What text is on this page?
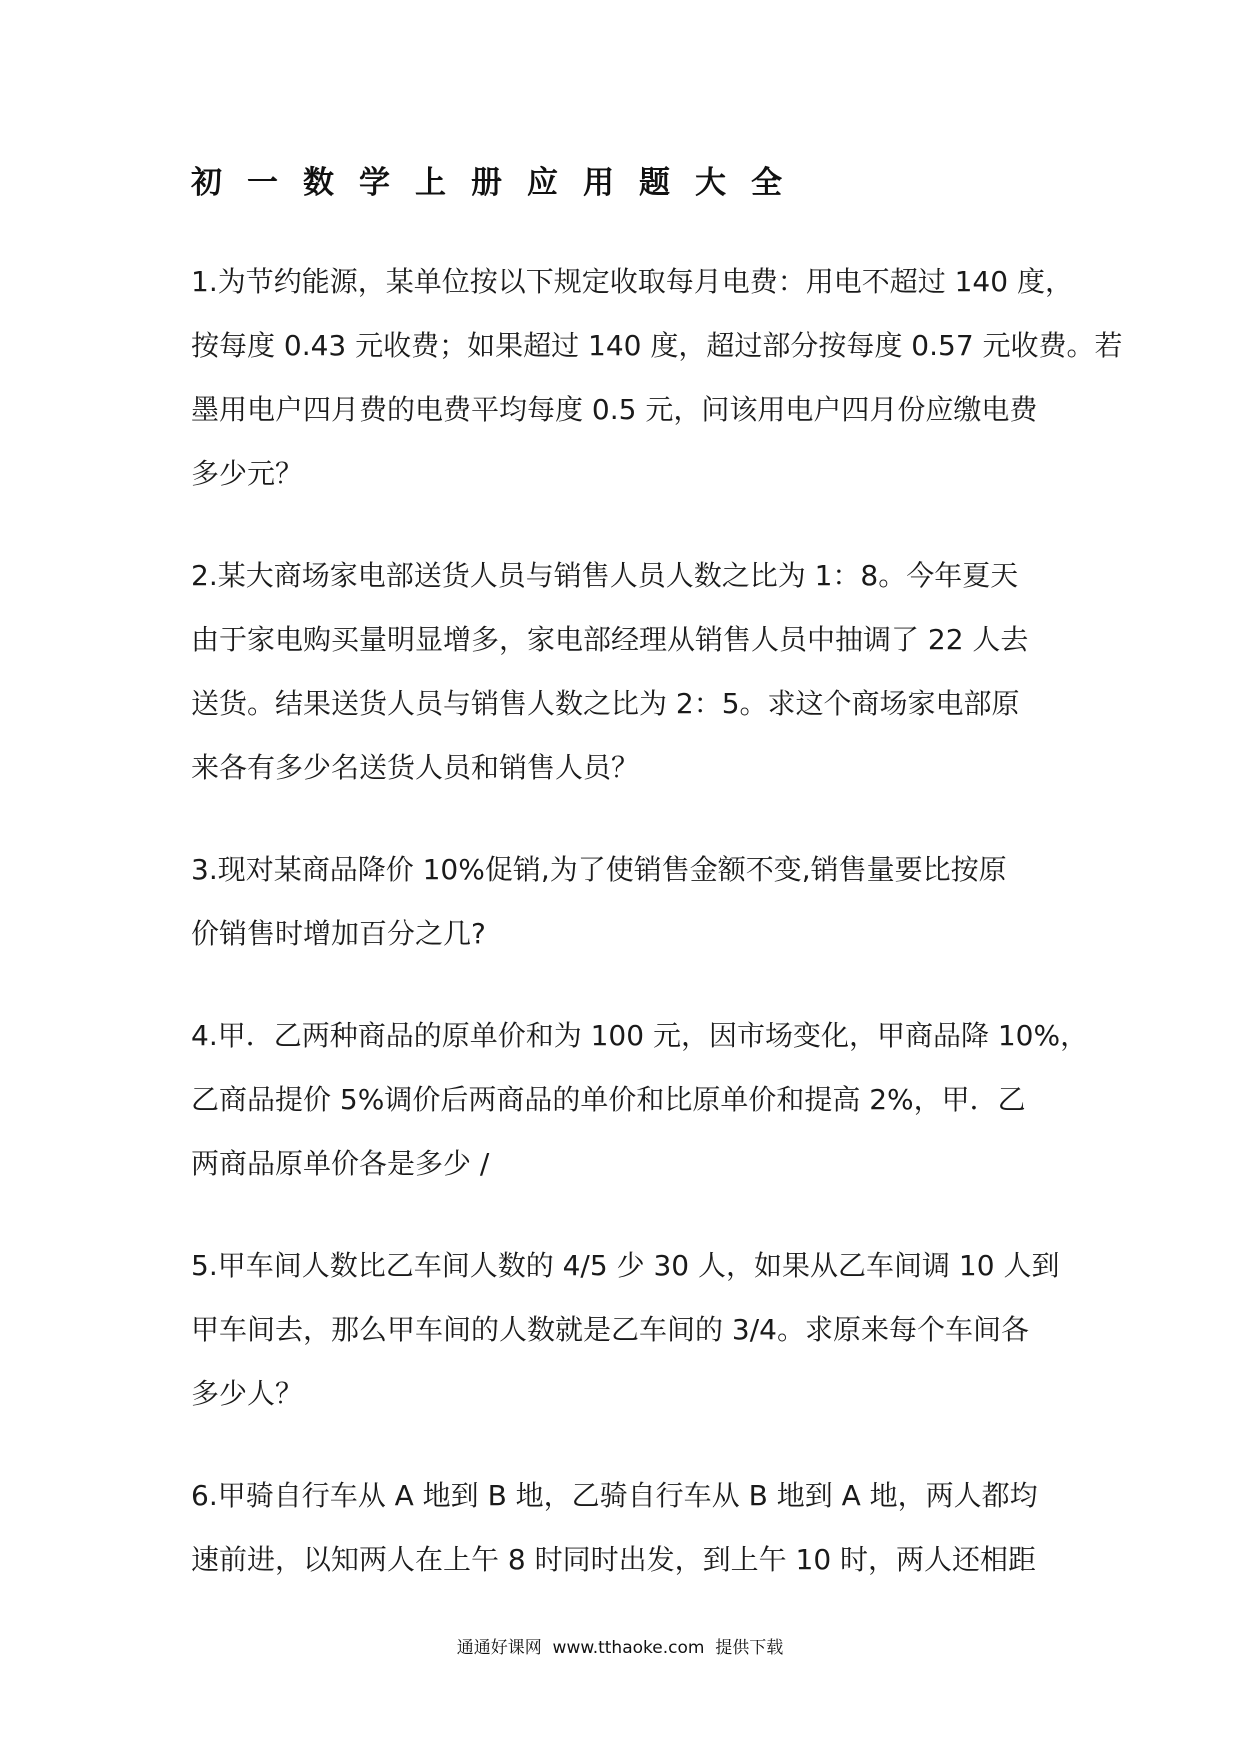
初一数学上册应用题大全

1.为节约能源，某单位按以下规定收取每月电费：用电不超过 140 度，

按每度 0.43 元收费；如果超过 140 度，超过部分按每度 0.57 元收费。若

墨用电户四月费的电费平均每度 0.5 元，问该用电户四月份应缴电费

多少元？

2.某大商场家电部送货人员与销售人员人数之比为 1：8。今年夏天

由于家电购买量明显增多，家电部经理从销售人员中抽调了 22 人去

送货。结果送货人员与销售人数之比为 2：5。求这个商场家电部原

来各有多少名送货人员和销售人员？

3.现对某商品降价 10%促销,为了使销售金额不变,销售量要比按原

价销售时增加百分之几?

4.甲．乙两种商品的原单价和为 100 元，因市场变化，甲商品降 10%，

乙商品提价 5%调价后两商品的单价和比原单价和提高 2%，甲．乙

两商品原单价各是多少 /

5.甲车间人数比乙车间人数的 4/5 少 30 人，如果从乙车间调 10 人到

甲车间去，那么甲车间的人数就是乙车间的 3/4。求原来每个车间各

多少人？

6.甲骑自行车从 A 地到 B 地，乙骑自行车从 B 地到 A 地，两人都均

速前进，以知两人在上午 8 时同时出发，到上午 10 时，两人还相距

通通好课网  www.tthaoke.com  提供下载
